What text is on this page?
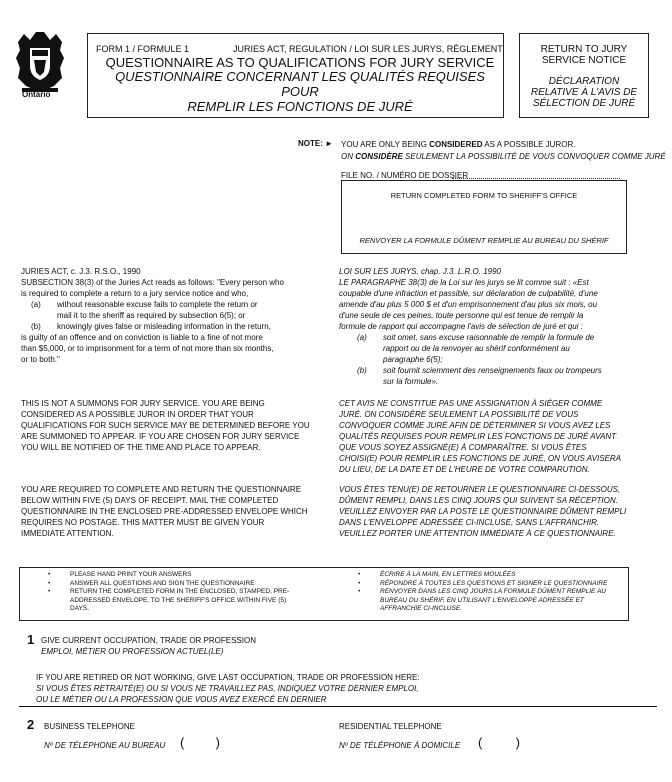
Ontario
FORM 1 / FORMULE 1	JURIES ACT, REGULATION / LOI SUR LES JURYS, RÈGLEMENT
QUESTIONNAIRE AS TO QUALIFICATIONS FOR JURY SERVICE
QUESTIONNAIRE CONCERNANT LES QUALITÉS REQUISES POUR
REMPLIR LES FONCTIONS DE JURÉ
RETURN TO JURY
SERVICE NOTICE
DÉCLARATION
RELATIVE À L'AVIS DE
SÉLECTION DE JURÉ
NOTE: ► YOU ARE ONLY BEING CONSIDERED AS A POSSIBLE JUROR.
ON CONSIDÈRE SEULEMENT LA POSSIBILITÉ DE VOUS CONVOQUER COMME JURÉ
FILE NO. / NUMÉRO DE DOSSIER
RETURN COMPLETED FORM TO SHERIFF'S OFFICE
RENVOYER LA FORMULE DÛMENT REMPLIE AU BUREAU DU SHÉRIF
JURIES ACT, c. J.3. R.S.O., 1990
SUBSECTION 38(3) of the Juries Act reads as follows: "Every person who
is required to complete a return to a jury service notice and who,
(a)	without reasonable excuse fails to complete the return or
mail it to the sheriff as required by subsection 6(5); or
(b)	knowingly gives false or misleading information in the return,
is guilty of an offence and on conviction is liable to a fine of not more
than $5,000, or to imprisonment for a term of not more than six months,
or to both."
LOI SUR LES JURYS, chap. J.3. L.R.O. 1990
LE PARAGRAPHE 38(3) de la Loi sur les jurys se lit comme suit : «Est
coupable d'une infraction et passible, sur déclaration de culpabilité, d'une
amende d'au plus 5 000 $ et d'un emprisonnement d'au plus six mois, ou
d'une seule de ces peines, toute personne qui est tenue de remplir la
formule de rapport qui accompagne l'avis de sélection de juré et qui :
(a)	soit omet, sans excuse raisonnable de remplir la formule de
rapport ou de la renvoyer au shérif conformément au
paragraphe 6(5);
(b)	soit fournit sciemment des renseignements faux ou trompeurs
sur la formule».
THIS IS NOT A SUMMONS FOR JURY SERVICE. YOU ARE BEING
CONSIDERED AS A POSSIBLE JUROR IN ORDER THAT YOUR
QUALIFICATIONS FOR SUCH SERVICE MAY BE DETERMINED BEFORE YOU
ARE SUMMONED TO APPEAR. IF YOU ARE CHOSEN FOR JURY SERVICE
YOU WILL BE NOTIFIED OF THE TIME AND PLACE TO APPEAR.
CET AVIS NE CONSTITUE PAS UNE ASSIGNATION À SIÉGER COMME
JURÉ. ON CONSIDÈRE SEULEMENT LA POSSIBILITÉ DE VOUS
CONVOQUER COMME JURÉ AFIN DE DÉTERMINER SI VOUS AVEZ LES
QUALITÉS REQUISES POUR REMPLIR LES FONCTIONS DE JURÉ AVANT
QUE VOUS SOYEZ ASSIGNÉ(E) À COMPARAÎTRE. SI VOUS ÊTES
CHOISI(E) POUR REMPLIR LES FONCTIONS DE JURÉ, ON VOUS AVISERA
DU LIEU, DE LA DATE ET DE L'HEURE DE VOTRE COMPARUTION.
YOU ARE REQUIRED TO COMPLETE AND RETURN THE QUESTIONNAIRE
BELOW WITHIN FIVE (5) DAYS OF RECEIPT. MAIL THE COMPLETED
QUESTIONNAIRE IN THE ENCLOSED PRE-ADDRESSED ENVELOPE WHICH
REQUIRES NO POSTAGE. THIS MATTER MUST BE GIVEN YOUR
IMMEDIATE ATTENTION.
VOUS ÊTES TENU(E) DE RETOURNER LE QUESTIONNAIRE CI-DESSOUS,
DÛMENT REMPLI, DANS LES CINQ JOURS QUI SUIVENT SA RÉCEPTION.
VEUILLEZ ENVOYER PAR LA POSTE LE QUESTIONNAIRE DÛMENT REMPLI
DANS L'ENVELOPPE ADRESSÉE CI-INCLUSE, SANS L'AFFRANCHIR.
VEUILLEZ PORTER UNE ATTENTION IMMÉDIATE À CE QUESTIONNAIRE.
•	PLEASE HAND PRINT YOUR ANSWERS
•	ANSWER ALL QUESTIONS AND SIGN THE QUESTIONNAIRE
•	RETURN THE COMPLETED FORM IN THE ENCLOSED, STAMPED, PRE-
ADDRESSED ENVELOPE, TO THE SHERIFF'S OFFICE WITHIN FIVE (5)
DAYS.
•	ÉCRIRE À LA MAIN, EN LETTRES MOULÉES
•	RÉPONDRE À TOUTES LES QUESTIONS ET SIGNER LE QUESTIONNAIRE
•	RENVOYER DANS LES CINQ JOURS LA FORMULE DÛMENT REMPLIE AU
BUREAU DU SHÉRIF, EN UTILISANT L'ENVELOPPE ADRESSÉE ET
AFFRANCHIE CI-INCLUSE.
1 GIVE CURRENT OCCUPATION, TRADE OR PROFESSION
EMPLOI, MÉTIER OU PROFESSION ACTUEL(LE)
IF YOU ARE RETIRED OR NOT WORKING, GIVE LAST OCCUPATION, TRADE OR PROFESSION HERE:
SI VOUS ÊTES RETRAITÉ(E) OU SI VOUS NE TRAVAILLEZ PAS, INDIQUEZ VOTRE DERNIER EMPLOI,
OU LE MÉTIER OU LA PROFESSION QUE VOUS AVEZ EXERCÉ EN DERNIER
2 BUSINESS TELEPHONE
Nº DE TÉLÉPHONE AU BUREAU ( )
RESIDENTIAL TELEPHONE
Nº DE TÉLÉPHONE À DOMICILE (	)
